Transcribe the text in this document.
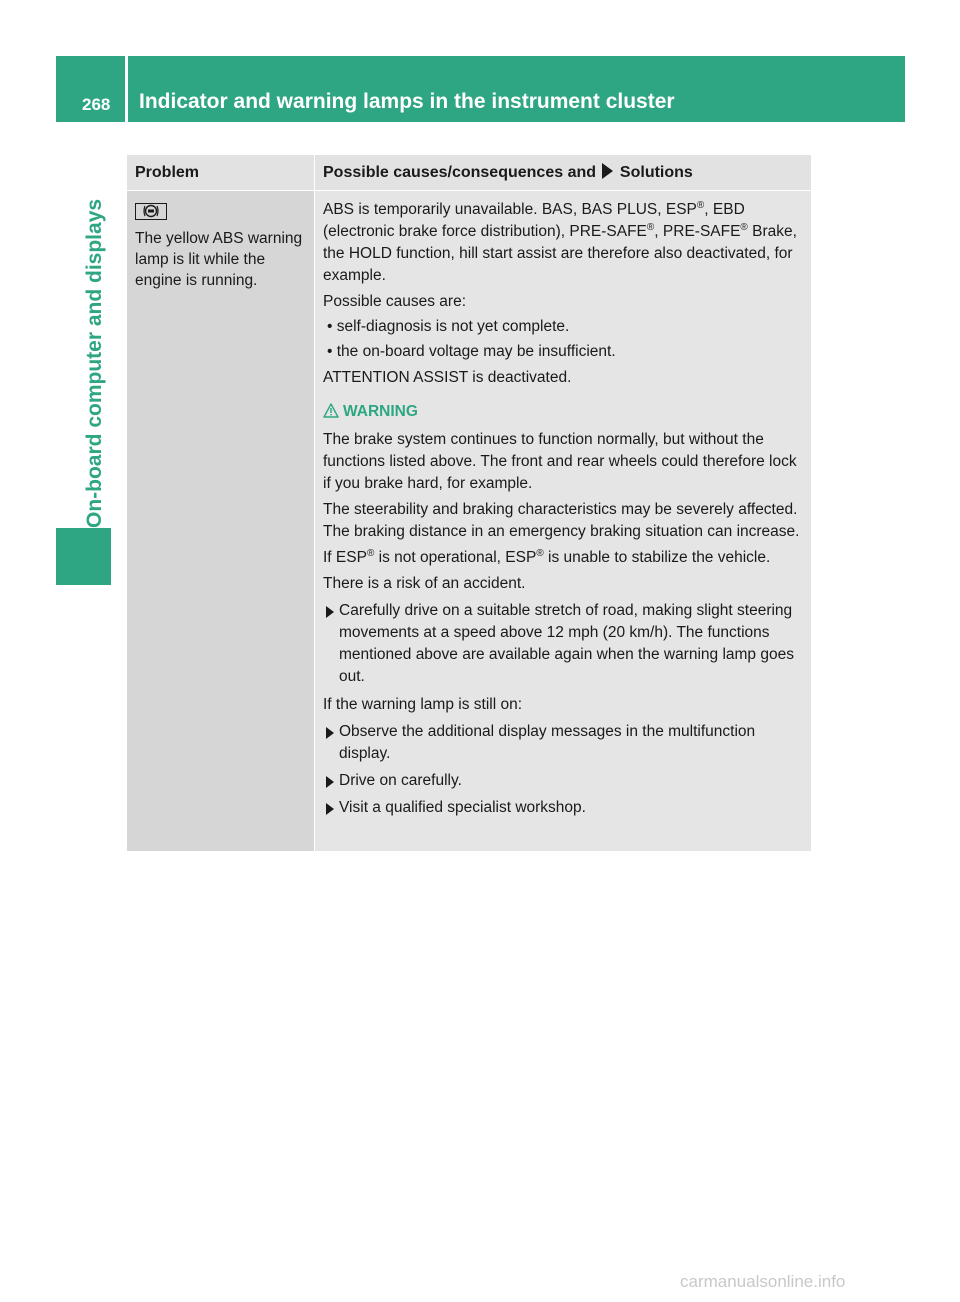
268 Indicator and warning lamps in the instrument cluster
On-board computer and displays
Problem	Possible causes/consequences and Solutions

The yellow ABS warning lamp is lit while the engine is running.

ABS is temporarily unavailable. BAS, BAS PLUS, ESP®, EBD (electronic brake force distribution), PRE-SAFE®, PRE-SAFE® Brake, the HOLD function, hill start assist are therefore also deactivated, for example.

Possible causes are:

• self-diagnosis is not yet complete.

• the on-board voltage may be insufficient.

ATTENTION ASSIST is deactivated.

WARNING

The brake system continues to function normally, but without the functions listed above. The front and rear wheels could therefore lock if you brake hard, for example.

The steerability and braking characteristics may be severely affected. The braking distance in an emergency braking situation can increase.

If ESP® is not operational, ESP® is unable to stabilize the vehicle.

There is a risk of an accident.

Carefully drive on a suitable stretch of road, making slight steering movements at a speed above 12 mph (20 km/h). The functions mentioned above are available again when the warning lamp goes out.

If the warning lamp is still on:

Observe the additional display messages in the multifunction display.
Drive on carefully.
Visit a qualified specialist workshop.
carmanualsonline.info
